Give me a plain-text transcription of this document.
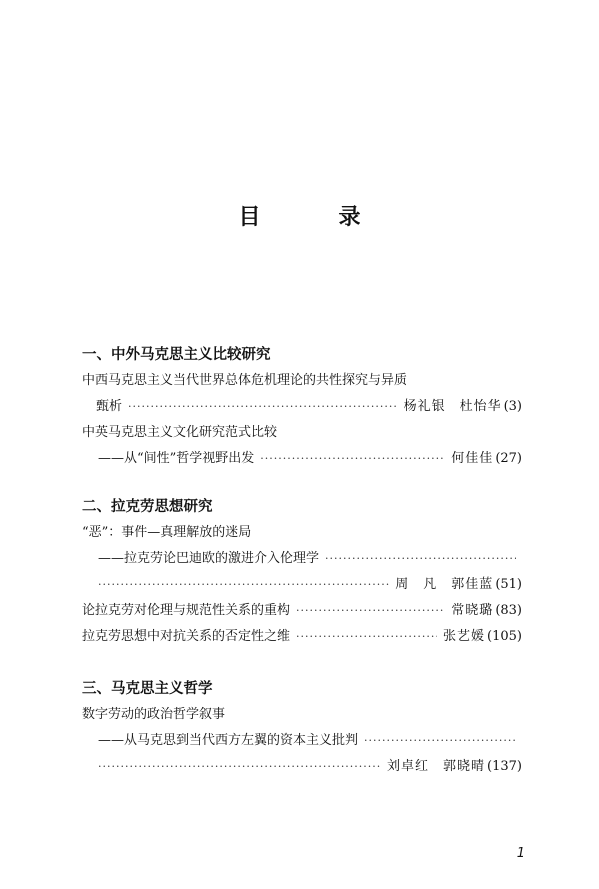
目　录
一、中外马克思主义比较研究
中西马克思主义当代世界总体危机理论的共性探究与异质
甄析 ·····	杨礼银　杜怡华 (3)
中英马克思主义文化研究范式比较
——从“间性”哲学视野出发 ·····	何佳佳 (27)
二、拉克劳思想研究
“恶”：事件—真理解放的迷局
——拉克劳论巴迪欧的激进介入伦理学
·····
·····
周　凡　郭佳蓝 (51)
论拉克劳对伦理与规范性关系的重构 ·····	常晓璐 (83)
拉克劳思想中对抗关系的否定性之维 ·····	张艺媛 (105)
三、马克思主义哲学
数字劳动的政治哲学叙事
——从马克思到当代西方左翼的资本主义批判
·····
·····
刘卓红　郭晓晴 (137)
1
